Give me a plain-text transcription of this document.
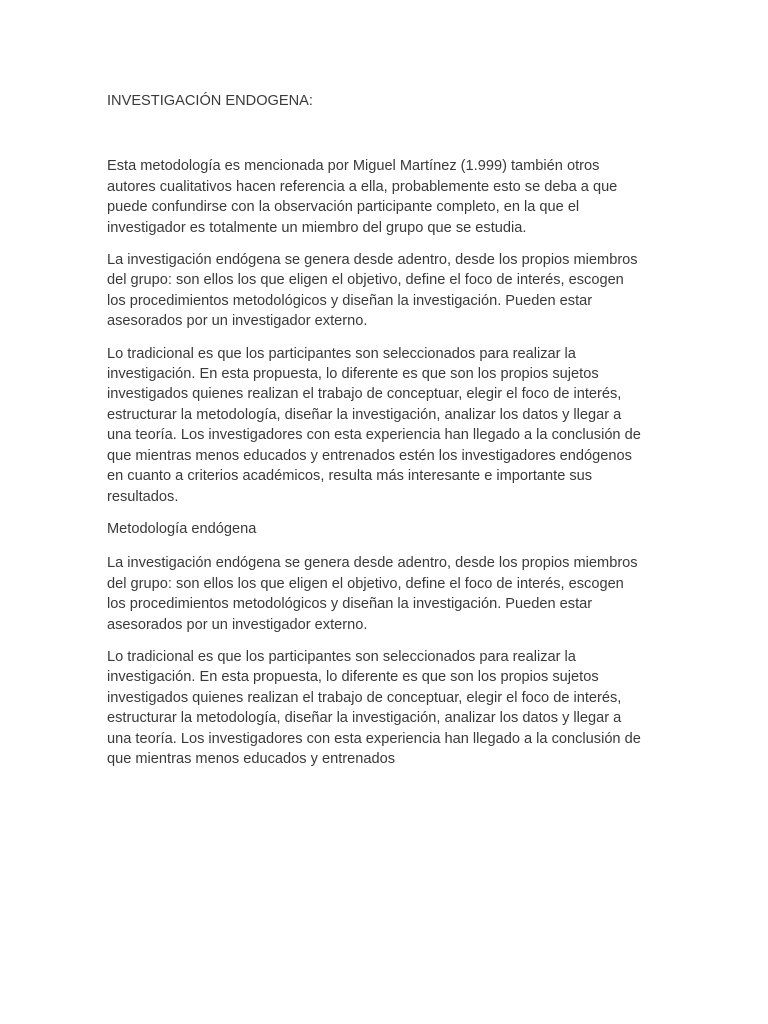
INVESTIGACIÓN ENDOGENA:

Esta metodología es mencionada por Miguel Martínez (1.999) también otros
autores cualitativos hacen referencia a ella, probablemente esto se deba a que
puede confundirse con la observación participante completo, en la que el
investigador es totalmente un miembro del grupo que se estudia.

La investigación endógena se genera desde adentro, desde los propios miembros
del grupo: son ellos los que eligen el objetivo, define el foco de interés, escogen
los procedimientos metodológicos y diseñan la investigación. Pueden estar
asesorados por un investigador externo.

Lo tradicional es que los participantes son seleccionados para realizar la
investigación. En esta propuesta, lo diferente es que son los propios sujetos
investigados quienes realizan el trabajo de conceptuar, elegir el foco de interés,
estructurar la metodología, diseñar la investigación, analizar los datos y llegar a
una teoría. Los investigadores con esta experiencia han llegado a la conclusión de
que mientras menos educados y entrenados estén los investigadores endógenos
en cuanto a criterios académicos, resulta más interesante e importante sus
resultados.

Metodología endógena

La investigación endógena se genera desde adentro, desde los propios miembros
del grupo: son ellos los que eligen el objetivo, define el foco de interés, escogen
los procedimientos metodológicos y diseñan la investigación. Pueden estar
asesorados por un investigador externo.

Lo tradicional es que los participantes son seleccionados para realizar la
investigación. En esta propuesta, lo diferente es que son los propios sujetos
investigados quienes realizan el trabajo de conceptuar, elegir el foco de interés,
estructurar la metodología, diseñar la investigación, analizar los datos y llegar a
una teoría. Los investigadores con esta experiencia han llegado a la conclusión de
que mientras menos educados y entrenados
